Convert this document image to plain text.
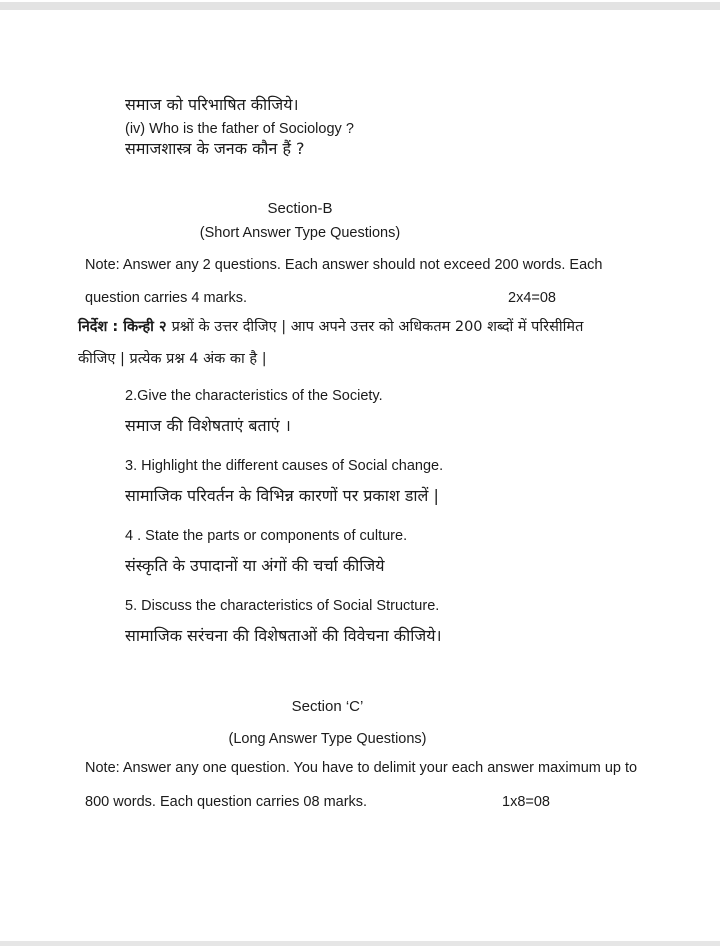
समाज को परिभाषित कीजिये।
(iv) Who is the father of Sociology ?
समाजशास्त्र के जनक कौन हैं ?
Section-B
(Short Answer Type Questions)
Note: Answer any 2 questions. Each answer should not exceed 200 words. Each
question carries 4 marks.	2x4=08
निर्देश : किन्ही २ प्रश्नों के उत्तर दीजिए | आप अपने उत्तर को अधिकतम 200 शब्दों में परिसीमित
कीजिए | प्रत्येक प्रश्न 4 अंक का है |
2.Give the characteristics of the Society.
समाज की विशेषताएं बताएं ।
3. Highlight the different causes of Social change.
सामाजिक परिवर्तन के विभिन्न कारणों पर प्रकाश डालें |
4 . State the parts or components of culture.
संस्कृति के उपादानों या अंगों की चर्चा कीजिये
5. Discuss the characteristics of Social Structure.
सामाजिक सरंचना की विशेषताओं की विवेचना कीजिये।
Section ‘C’
(Long Answer Type Questions)
Note: Answer any one question. You have to delimit your each answer maximum up to
800 words. Each question carries 08 marks.	1x8=08
